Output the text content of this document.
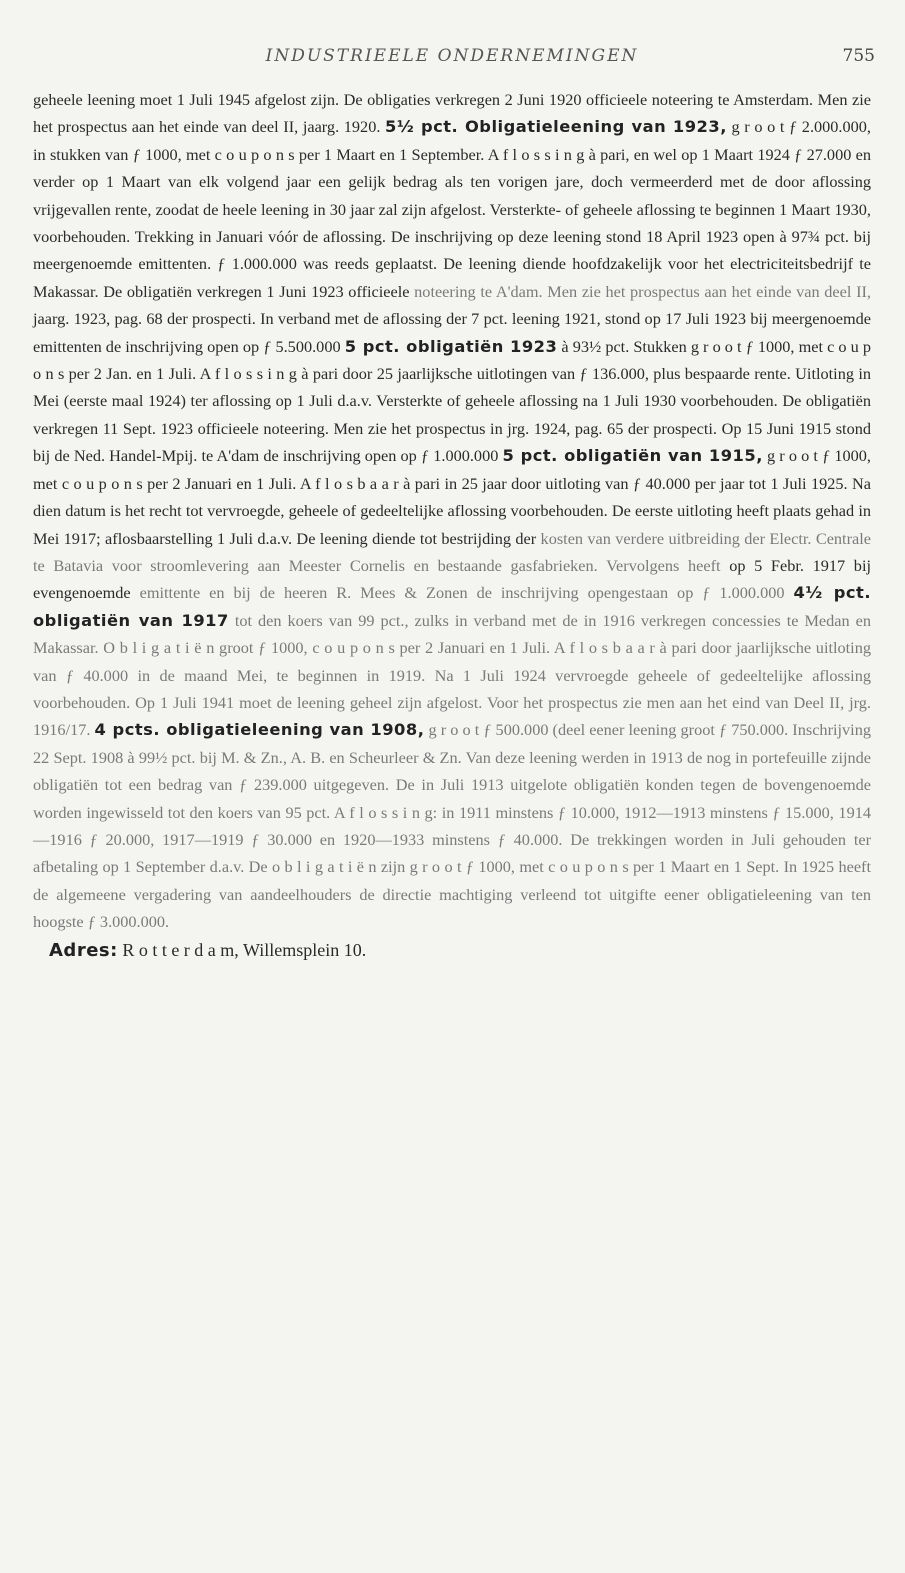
INDUSTRIEELE ONDERNEMINGEN	755

geheele leening moet 1 Juli 1945 afgelost zijn. De obligaties verkregen 2 Juni 1920 officieele noteering te Amsterdam. Men zie het prospectus aan het einde van deel II, jaarg. 1920. 5½ pct. Obligatieleening van 1923, g r o o t ƒ 2.000.000, in stukken van ƒ 1000, met c o u p o n s per 1 Maart en 1 September. A f l o s s i n g à pari, en wel op 1 Maart 1924 ƒ 27.000 en verder op 1 Maart van elk volgend jaar een gelijk bedrag als ten vorigen jare, doch vermeerderd met de door aflossing vrijgevallen rente, zoodat de heele leening in 30 jaar zal zijn afgelost. Versterkte- of geheele aflossing te beginnen 1 Maart 1930, voorbehouden. Trekking in Januari vóór de aflossing. De inschrijving op deze leening stond 18 April 1923 open à 97¾ pct. bij meergenoemde emittenten. ƒ 1.000.000 was reeds geplaatst. De leening diende hoofdzakelijk voor het electriciteitsbedrijf te Makassar. De obligatiën verkregen 1 Juni 1923 officieele noteering te A'dam. Men zie het prospectus aan het einde van deel II, jaarg. 1923, pag. 68 der prospecti. In verband met de aflossing der 7 pct. leening 1921, stond op 17 Juli 1923 bij meergenoemde emittenten de inschrijving open op ƒ 5.500.000 5 pct. obligatiën 1923 à 93½ pct. Stukken g r o o t ƒ 1000, met c o u p o n s per 2 Jan. en 1 Juli. A f l o s s i n g à pari door 25 jaarlijksche uitlotingen van ƒ 136.000, plus bespaarde rente. Uitloting in Mei (eerste maal 1924) ter aflossing op 1 Juli d.a.v. Versterkte of geheele aflossing na 1 Juli 1930 voorbehouden. De obligatiën verkregen 11 Sept. 1923 officieele noteering. Men zie het prospectus in jrg. 1924, pag. 65 der prospecti. Op 15 Juni 1915 stond bij de Ned. Handel-Mpij. te A'dam de inschrijving open op ƒ 1.000.000 5 pct. obligatiën van 1915, g r o o t ƒ 1000, met c o u p o n s per 2 Januari en 1 Juli. A f l o s b a a r à pari in 25 jaar door uitloting van ƒ 40.000 per jaar tot 1 Juli 1925. Na dien datum is het recht tot vervroegde, geheele of gedeeltelijke aflossing voorbehouden. De eerste uitloting heeft plaats gehad in Mei 1917; aflosbaarstelling 1 Juli d.a.v. De leening diende tot bestrijding der kosten van verdere uitbreiding der Electr. Centrale te Batavia voor stroomlevering aan Meester Cornelis en bestaande gasfabrieken. Vervolgens heeft op 5 Febr. 1917 bij evengenoemde emittente en bij de heeren R. Mees & Zonen de inschrijving opengestaan op ƒ 1.000.000 4½ pct. obligatiën van 1917 tot den koers van 99 pct., zulks in verband met de in 1916 verkregen concessies te Medan en Makassar. O b l i g a t i ë n groot ƒ 1000, c o u p o n s per 2 Januari en 1 Juli. A f l o s b a a r à pari door jaarlijksche uitloting van ƒ 40.000 in de maand Mei, te beginnen in 1919. Na 1 Juli 1924 vervroegde geheele of gedeeltelijke aflossing voorbehouden. Op 1 Juli 1941 moet de leening geheel zijn afgelost. Voor het prospectus zie men aan het eind van Deel II, jrg. 1916/17. 4 pcts. obligatieleening van 1908, g r o o t ƒ 500.000 (deel eener leening groot ƒ 750.000. Inschrijving 22 Sept. 1908 à 99½ pct. bij M. & Zn., A. B. en Scheurleer & Zn. Van deze leening werden in 1913 de nog in portefeuille zijnde obligatiën tot een bedrag van ƒ 239.000 uitgegeven. De in Juli 1913 uitgelote obligatiën konden tegen de bovengenoemde worden ingewisseld tot den koers van 95 pct. A f l o s s i n g: in 1911 minstens ƒ 10.000, 1912—1913 minstens ƒ 15.000, 1914—1916 ƒ 20.000, 1917—1919 ƒ 30.000 en 1920—1933 minstens ƒ 40.000. De trekkingen worden in Juli gehouden ter afbetaling op 1 September d.a.v. De o b l i g a t i ë n zijn g r o o t ƒ 1000, met c o u p o n s per 1 Maart en 1 Sept. In 1925 heeft de algemeene vergadering van aandeelhouders de directie machtiging verleend tot uitgifte eener obligatieleening van ten hoogste ƒ 3.000.000.

Adres: R o t t e r d a m, Willemsplein 10.
